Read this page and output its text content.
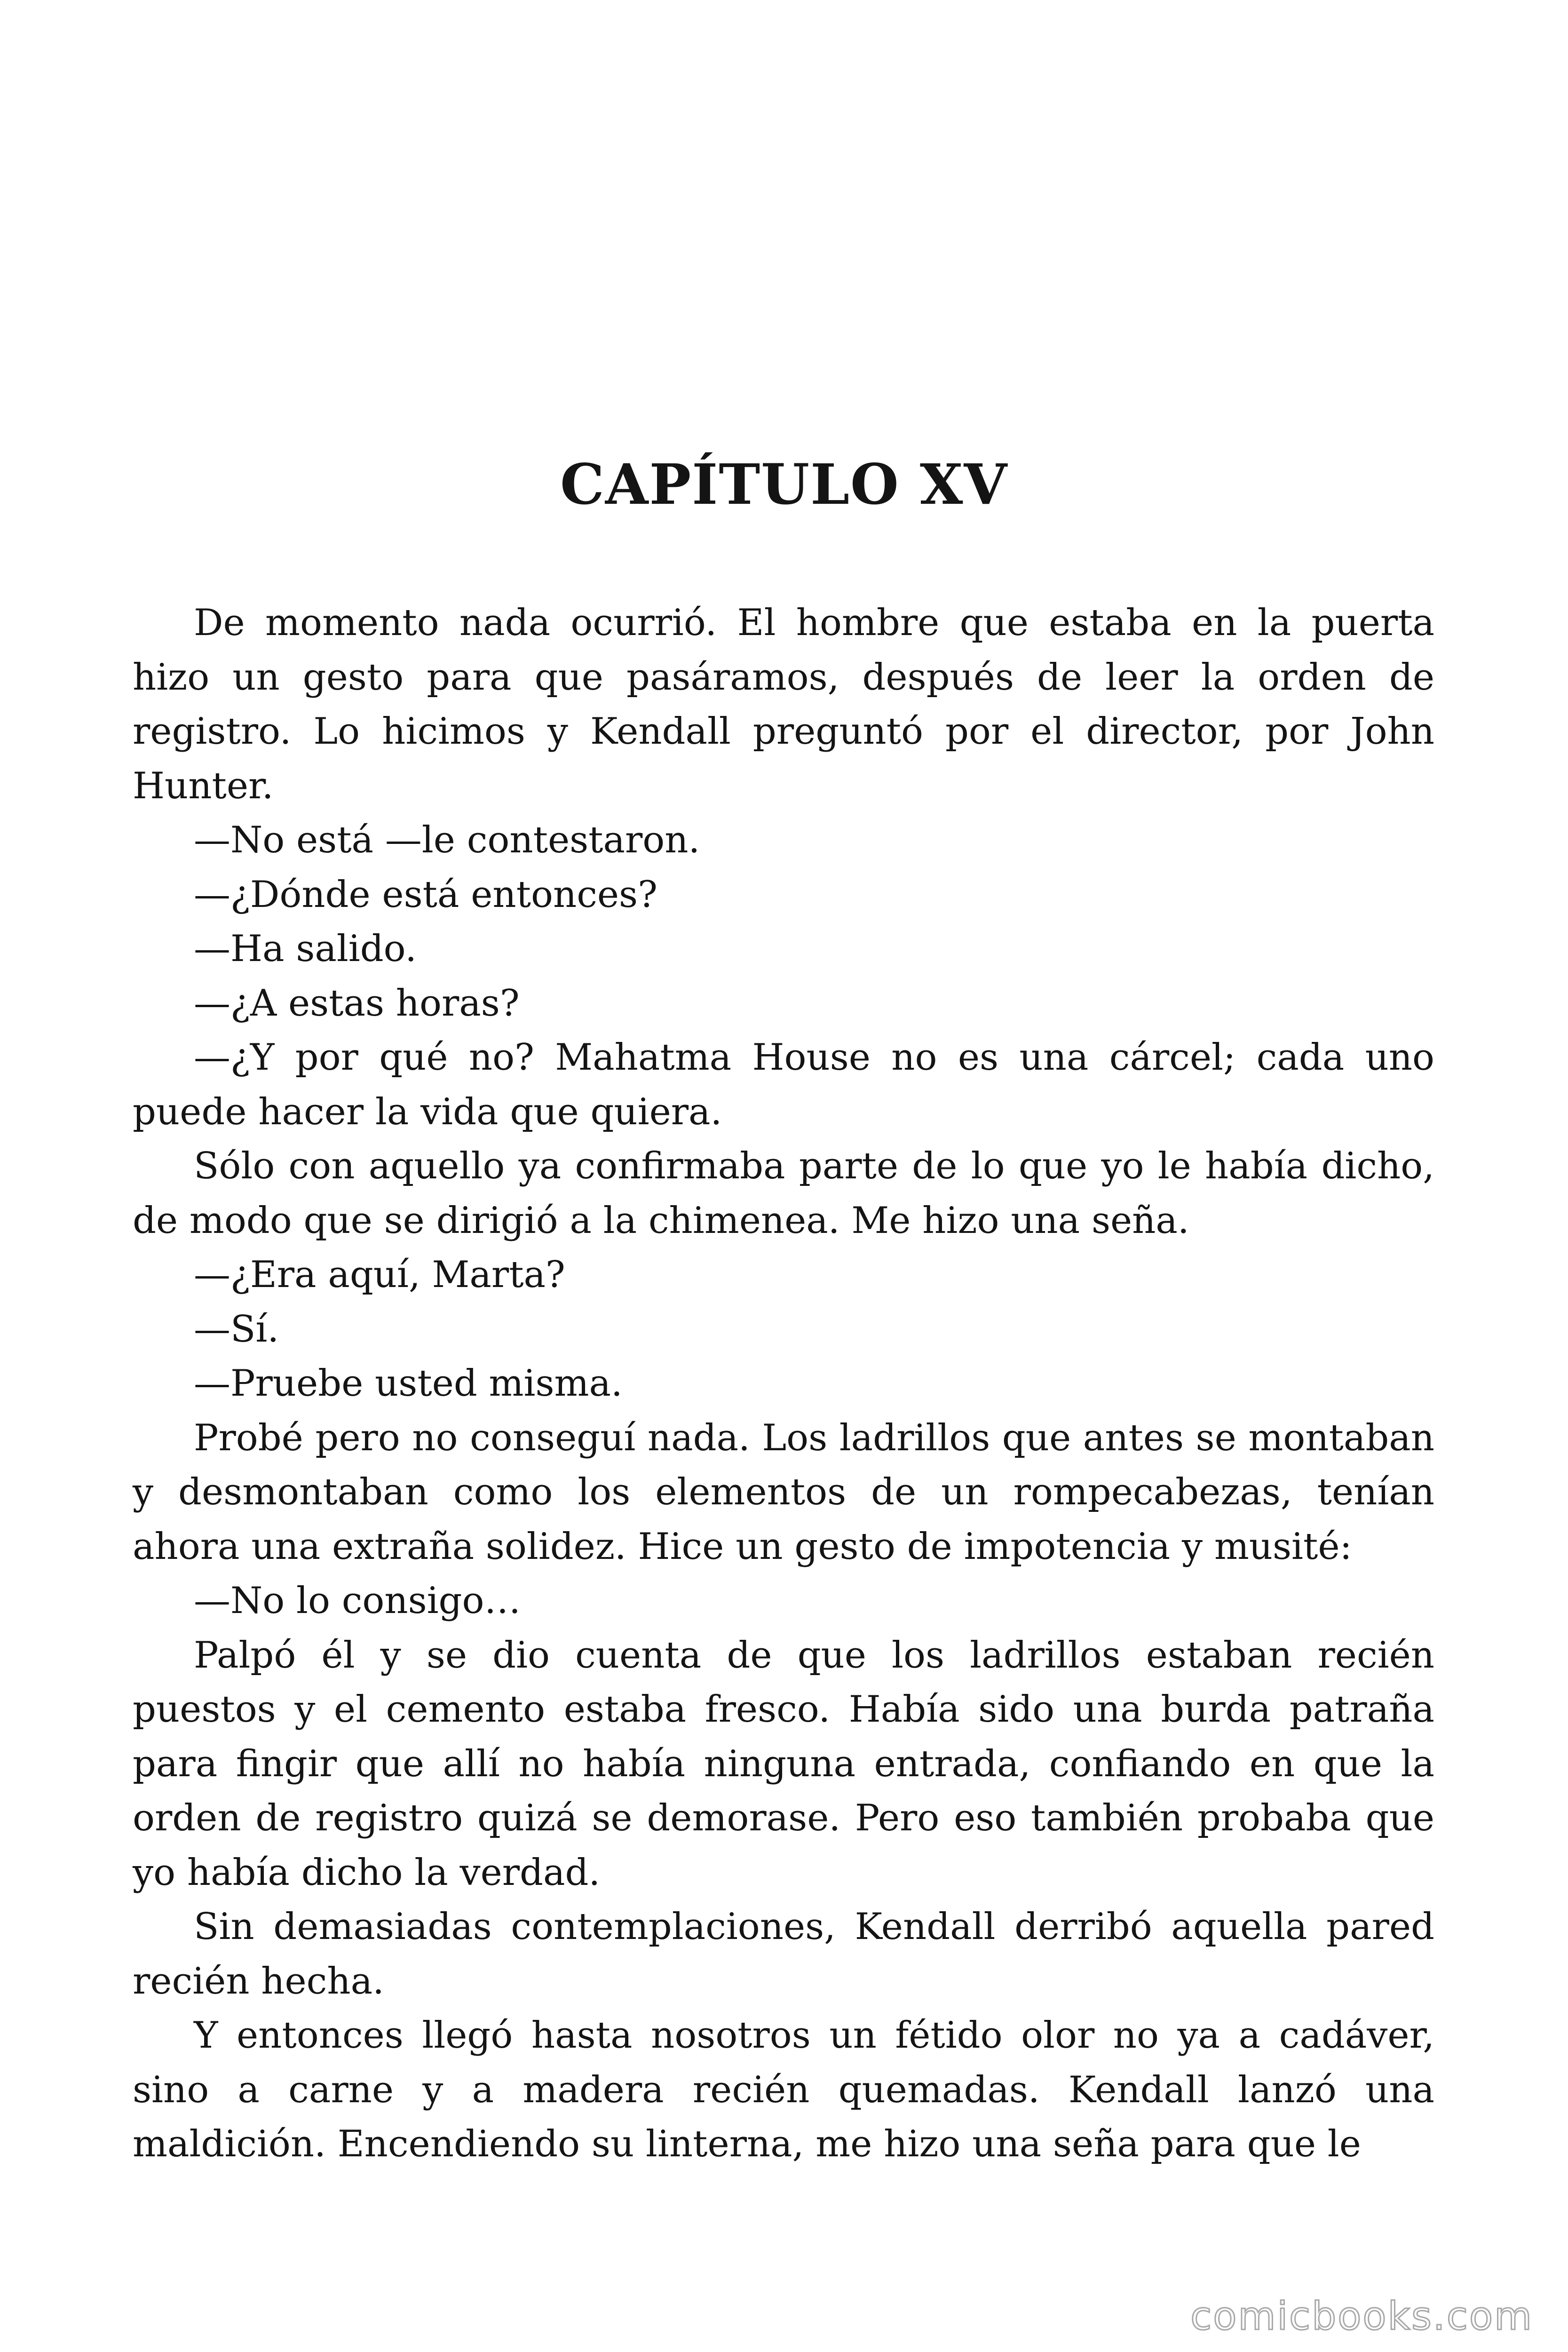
CAPÍTULO XV

De momento nada ocurrió. El hombre que estaba en la puerta hizo un gesto para que pasáramos, después de leer la orden de registro. Lo hicimos y Kendall preguntó por el director, por John Hunter.

—No está —le contestaron.

—¿Dónde está entonces?

—Ha salido.

—¿A estas horas?

—¿Y por qué no? Mahatma House no es una cárcel; cada uno puede hacer la vida que quiera.

Sólo con aquello ya confirmaba parte de lo que yo le había dicho, de modo que se dirigió a la chimenea. Me hizo una seña.

—¿Era aquí, Marta?

—Sí.

—Pruebe usted misma.

Probé pero no conseguí nada. Los ladrillos que antes se montaban y desmontaban como los elementos de un rompecabezas, tenían ahora una extraña solidez. Hice un gesto de impotencia y musité:

—No lo consigo…

Palpó él y se dio cuenta de que los ladrillos estaban recién puestos y el cemento estaba fresco. Había sido una burda patraña para fingir que allí no había ninguna entrada, confiando en que la orden de registro quizá se demorase. Pero eso también probaba que yo había dicho la verdad.

Sin demasiadas contemplaciones, Kendall derribó aquella pared recién hecha.

Y entonces llegó hasta nosotros un fétido olor no ya a cadáver, sino a carne y a madera recién quemadas. Kendall lanzó una maldición. Encendiendo su linterna, me hizo una seña para que le

comicbooks.com
